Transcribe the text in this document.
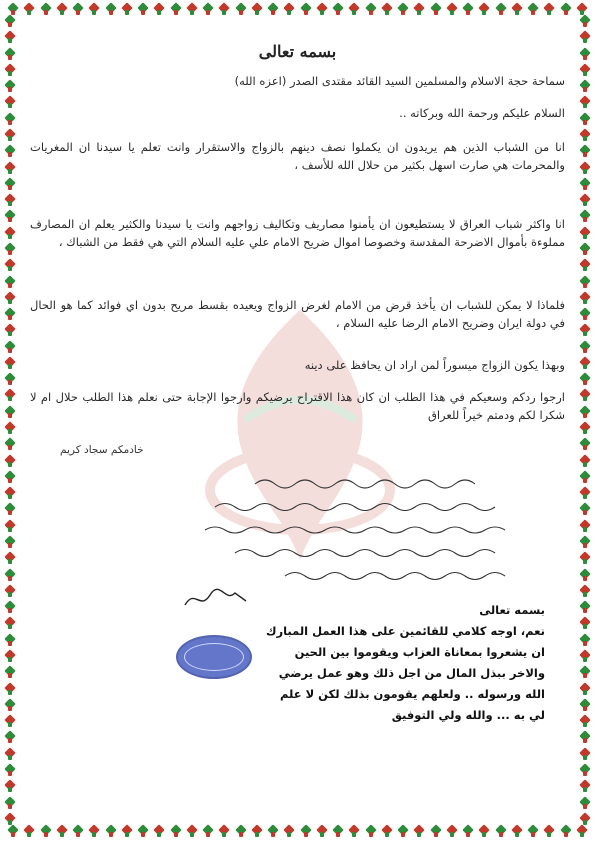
بسمه تعالى
سماحة حجة الاسلام والمسلمين السيد القائد مقتدى الصدر (اعزه الله)
السلام عليكم ورحمة الله وبركاته ..
انا من الشباب الذين هم يريدون ان يكملوا نصف دينهم بالزواج والاستقرار وانت تعلم يا سيدنا ان المغريات والمحرمات هي صارت اسهل بكثير من حلال الله للأسف ،
انا واكثر شباب العراق لا يستطيعون ان يأمنوا مصاريف وتكاليف زواجهم وانت يا سيدنا والكثير يعلم ان المصارف مملوءة بأموال الاضرحة المقدسة وخصوصا اموال ضريح الامام علي عليه السلام التي هي فقط من الشباك ،
فلماذا لا يمكن للشباب ان يأخذ قرض من الامام لغرض الزواج ويعيده بقسط مريح بدون اي فوائد كما هو الحال في دولة ايران وضريح الامام الرضا عليه السلام ،
وبهذا يكون الزواج ميسوراً لمن اراد ان يحافظ على دينه
ارجوا ردكم وسعيكم في هذا الطلب ان كان هذا الاقتراح يرضيكم وارجوا الإجابة حتى نعلم هذا الطلب حلال ام لا شكرا لكم ودمتم خيراً للعراق
خادمكم سجاد كريم
بسمه تعالى
نعم، اوجه كلامي للقائمين على هذا العمل المبارك
ان يشعروا بمعاناة العزاب ويقوموا بين الحين
والاخر ببذل المال من اجل ذلك وهو عمل يرضي
الله ورسوله .. ولعلهم يقومون بذلك لكن لا علم
لي به ... والله ولي التوفيق
